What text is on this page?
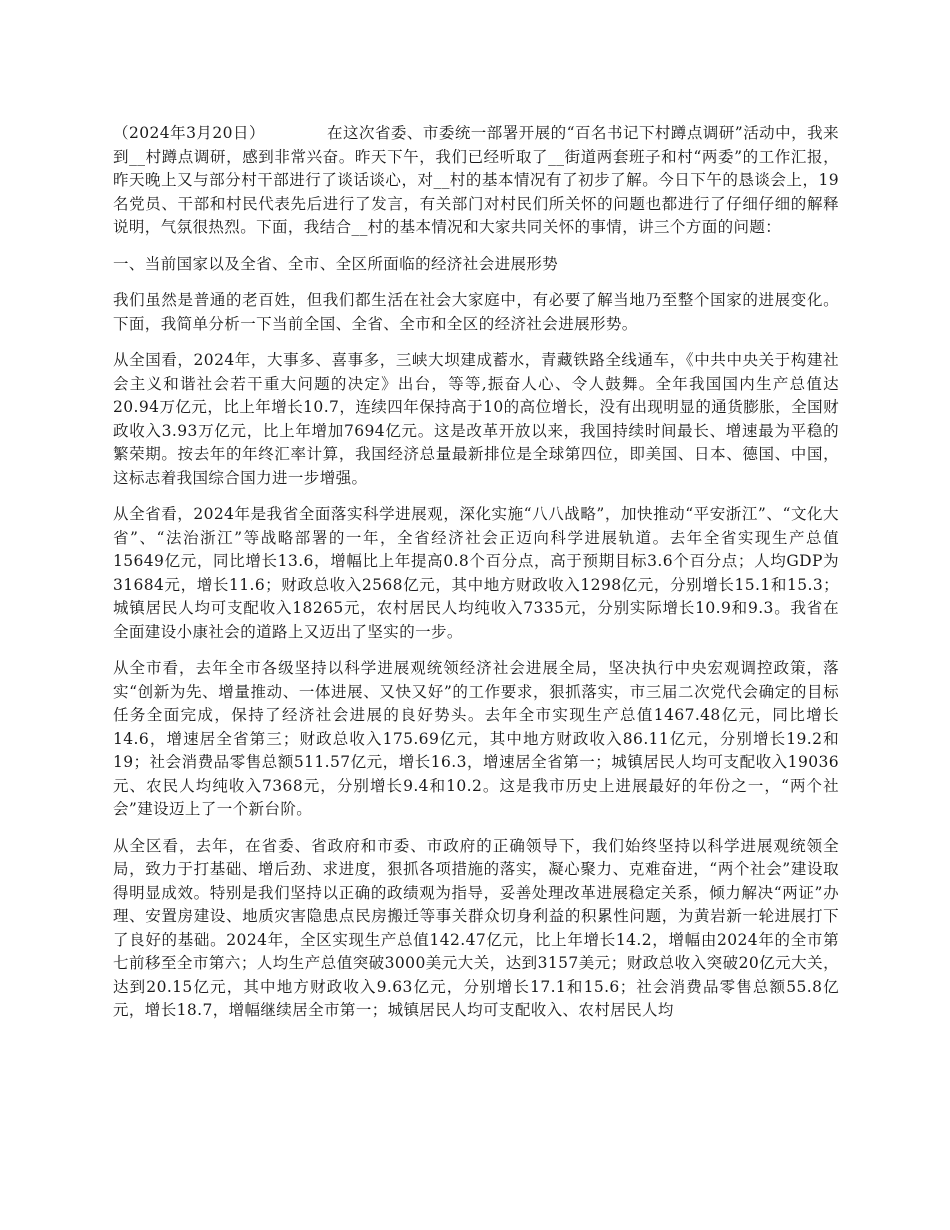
（2024年3月20日）	在这次省委、市委统一部署开展的“百名书记下村蹲点调研”活动中，我来到__村蹲点调研，感到非常兴奋。昨天下午，我们已经听取了__街道两套班子和村“两委”的工作汇报，昨天晚上又与部分村干部进行了谈话谈心，对__村的基本情况有了初步了解。今日下午的恳谈会上，19名党员、干部和村民代表先后进行了发言，有关部门对村民们所关怀的问题也都进行了仔细仔细的解释说明，气氛很热烈。下面，我结合__村的基本情况和大家共同关怀的事情，讲三个方面的问题：

一、当前国家以及全省、全市、全区所面临的经济社会进展形势

我们虽然是普通的老百姓，但我们都生活在社会大家庭中，有必要了解当地乃至整个国家的进展变化。下面，我简单分析一下当前全国、全省、全市和全区的经济社会进展形势。

从全国看，2024年，大事多、喜事多，三峡大坝建成蓄水，青藏铁路全线通车，《中共中央关于构建社会主义和谐社会若干重大问题的决定》出台，等等,振奋人心、令人鼓舞。全年我国国内生产总值达20.94万亿元，比上年增长10.7，连续四年保持高于10的高位增长，没有出现明显的通货膨胀，全国财政收入3.93万亿元，比上年增加7694亿元。这是改革开放以来，我国持续时间最长、增速最为平稳的繁荣期。按去年的年终汇率计算，我国经济总量最新排位是全球第四位，即美国、日本、德国、中国，这标志着我国综合国力进一步增强。

从全省看，2024年是我省全面落实科学进展观，深化实施“八八战略”，加快推动“平安浙江”、“文化大省”、“法治浙江”等战略部署的一年，全省经济社会正迈向科学进展轨道。去年全省实现生产总值15649亿元，同比增长13.6，增幅比上年提高0.8个百分点，高于预期目标3.6个百分点；人均GDP为31684元，增长11.6；财政总收入2568亿元，其中地方财政收入1298亿元，分别增长15.1和15.3；城镇居民人均可支配收入18265元，农村居民人均纯收入7335元，分别实际增长10.9和9.3。我省在全面建设小康社会的道路上又迈出了坚实的一步。

从全市看，去年全市各级坚持以科学进展观统领经济社会进展全局，坚决执行中央宏观调控政策，落实“创新为先、增量推动、一体进展、又快又好”的工作要求，狠抓落实，市三届二次党代会确定的目标任务全面完成，保持了经济社会进展的良好势头。去年全市实现生产总值1467.48亿元，同比增长14.6，增速居全省第三；财政总收入175.69亿元，其中地方财政收入86.11亿元，分别增长19.2和19；社会消费品零售总额511.57亿元，增长16.3，增速居全省第一；城镇居民人均可支配收入19036元、农民人均纯收入7368元，分别增长9.4和10.2。这是我市历史上进展最好的年份之一，“两个社会”建设迈上了一个新台阶。

从全区看，去年，在省委、省政府和市委、市政府的正确领导下，我们始终坚持以科学进展观统领全局，致力于打基础、增后劲、求进度，狠抓各项措施的落实，凝心聚力、克难奋进，“两个社会”建设取得明显成效。特别是我们坚持以正确的政绩观为指导，妥善处理改革进展稳定关系，倾力解决“两证”办理、安置房建设、地质灾害隐患点民房搬迁等事关群众切身利益的积累性问题，为黄岩新一轮进展打下了良好的基础。2024年，全区实现生产总值142.47亿元，比上年增长14.2，增幅由2024年的全市第七前移至全市第六；人均生产总值突破3000美元大关，达到3157美元；财政总收入突破20亿元大关，达到20.15亿元，其中地方财政收入9.63亿元，分别增长17.1和15.6；社会消费品零售总额55.8亿元，增长18.7，增幅继续居全市第一；城镇居民人均可支配收入、农村居民人均
